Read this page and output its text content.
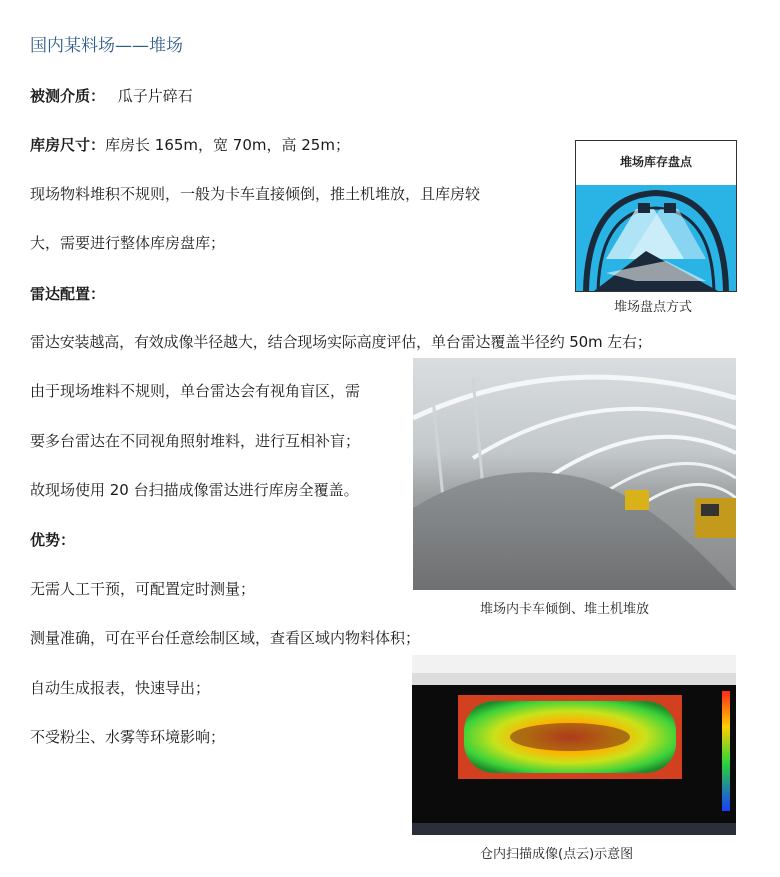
国内某料场——堆场
被测介质： 瓜子片碎石
库房尺寸：库房长 165m，宽 70m，高 25m；
现场物料堆积不规则，一般为卡车直接倾倒，推土机堆放，且库房较
大，需要进行整体库房盘库；
雷达配置：
雷达安装越高，有效成像半径越大，结合现场实际高度评估，单台雷达覆盖半径约 50m 左右；
由于现场堆料不规则，单台雷达会有视角盲区，需
要多台雷达在不同视角照射堆料，进行互相补盲；
故现场使用 20 台扫描成像雷达进行库房全覆盖。
优势：
无需人工干预，可配置定时测量；
测量准确，可在平台任意绘制区域，查看区域内物料体积；
自动生成报表，快速导出；
不受粉尘、水雾等环境影响；
堆场库存盘点
堆场盘点方式
堆场内卡车倾倒、堆土机堆放
仓内扫描成像(点云)示意图
